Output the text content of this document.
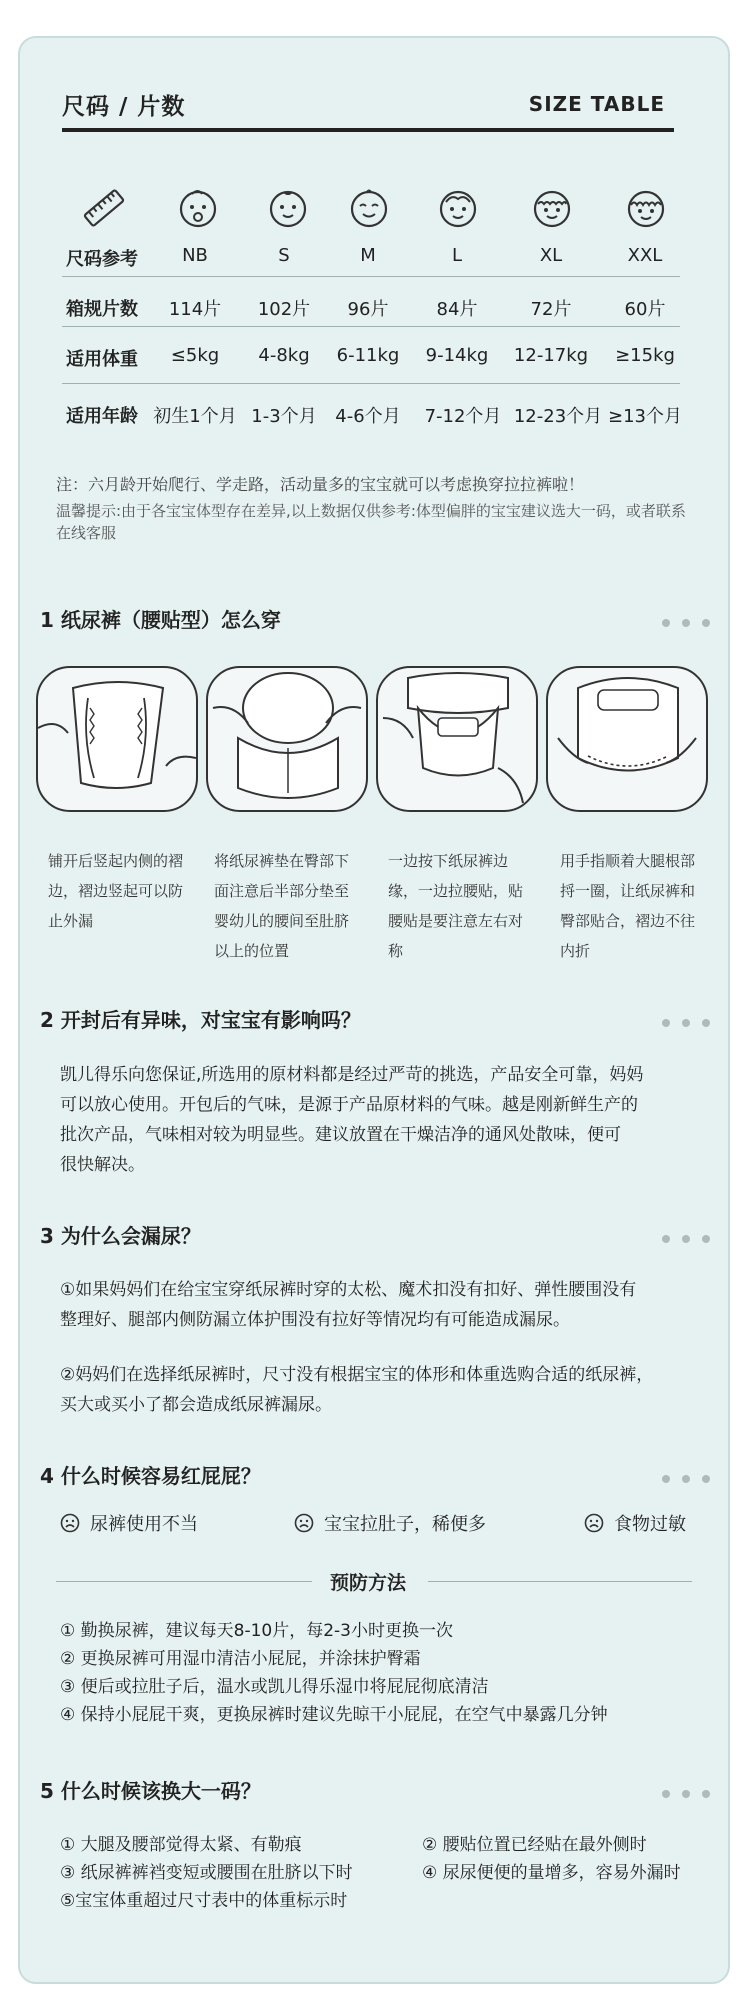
尺码 / 片数	SIZE TABLE
尺码参考 NB	S	M	L	XL	XXL
箱规片数 114片 102片 96片	84片	72片	60片
适用体重 ≤5kg 4-8kg 6-11kg 9-14kg 12-17kg ≥15kg
适用年龄 初生1个月 1-3个月 4-6个月 7-12个月 12-23个月 ≥13个月
注：六月龄开始爬行、学走路，活动量多的宝宝就可以考虑换穿拉拉裤啦！
温馨提示:由于各宝宝体型存在差异,以上数据仅供参考:体型偏胖的宝宝建议选大一码，或者联系在线客服
1 纸尿裤（腰贴型）怎么穿
铺开后竖起内侧的褶边，褶边竖起可以防止外漏
将纸尿裤垫在臀部下面注意后半部分垫至婴幼儿的腰间至肚脐以上的位置
一边按下纸尿裤边缘，一边拉腰贴，贴腰贴是要注意左右对称
用手指顺着大腿根部捋一圈，让纸尿裤和臀部贴合，褶边不往内折
2 开封后有异味，对宝宝有影响吗？
凯儿得乐向您保证,所选用的原材料都是经过严苛的挑选，产品安全可靠，妈妈
可以放心使用。开包后的气味，是源于产品原材料的气味。越是刚新鲜生产的
批次产品，气味相对较为明显些。建议放置在干燥洁净的通风处散味，便可
很快解决。
3 为什么会漏尿？
①如果妈妈们在给宝宝穿纸尿裤时穿的太松、魔术扣没有扣好、弹性腰围没有
整理好、腿部内侧防漏立体护围没有拉好等情况均有可能造成漏尿。
②妈妈们在选择纸尿裤时，尺寸没有根据宝宝的体形和体重选购合适的纸尿裤，
买大或买小了都会造成纸尿裤漏尿。
4 什么时候容易红屁屁？
尿裤使用不当	宝宝拉肚子，稀便多	食物过敏
预防方法
① 勤换尿裤，建议每天8-10片，每2-3小时更换一次
② 更换尿裤可用湿巾清洁小屁屁，并涂抹护臀霜
③ 便后或拉肚子后，温水或凯儿得乐湿巾将屁屁彻底清洁
④ 保持小屁屁干爽，更换尿裤时建议先晾干小屁屁，在空气中暴露几分钟
5 什么时候该换大一码？
① 大腿及腰部觉得太紧、有勒痕	② 腰贴位置已经贴在最外侧时
③ 纸尿裤裤裆变短或腰围在肚脐以下时	④ 尿尿便便的量增多，容易外漏时
⑤宝宝体重超过尺寸表中的体重标示时
